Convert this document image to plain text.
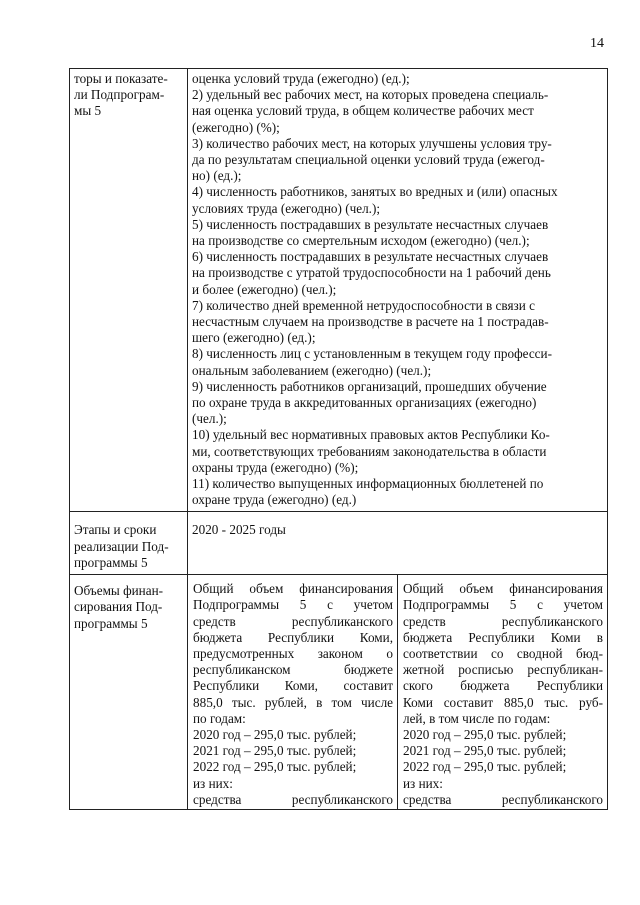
14
торы и показате-
ли Подпрограм-
мы 5

оценка условий труда (ежегодно) (ед.);
2) удельный вес рабочих мест, на которых проведена специаль-
ная оценка условий труда, в общем количестве рабочих мест
(ежегодно) (%);
3) количество рабочих мест, на которых улучшены условия тру-
да по результатам специальной оценки условий труда (ежегод-
но) (ед.);
4) численность работников, занятых во вредных и (или) опасных
условиях труда (ежегодно) (чел.);
5) численность пострадавших в результате несчастных случаев
на производстве со смертельным исходом (ежегодно) (чел.);
6) численность пострадавших в результате несчастных случаев
на производстве с утратой трудоспособности на 1 рабочий день
и более (ежегодно) (чел.);
7) количество дней временной нетрудоспособности в связи с
несчастным случаем на производстве в расчете на 1 пострадав-
шего (ежегодно) (ед.);
8) численность лиц с установленным в текущем году професси-
ональным заболеванием (ежегодно) (чел.);
9) численность работников организаций, прошедших обучение
по охране труда в аккредитованных организациях (ежегодно)
(чел.);
10) удельный вес нормативных правовых актов Республики Ко-
ми, соответствующих требованиям законодательства в области
охраны труда (ежегодно) (%);
11) количество выпущенных информационных бюллетеней по
охране труда (ежегодно) (ед.)

Этапы и сроки
реализации Под-
программы 5

2020 - 2025 годы

Объемы финан-
сирования Под-
программы 5

Общий объем финансирования
Подпрограммы 5 с учетом
средств республиканского
бюджета Республики Коми,
предусмотренных законом о
республиканском бюджете
Республики Коми, составит
885,0 тыс. рублей, в том числе
по годам:
2020 год – 295,0 тыс. рублей;
2021 год – 295,0 тыс. рублей;
2022 год – 295,0 тыс. рублей;
из них:
средства республиканского

Общий объем финансирования
Подпрограммы 5 с учетом
средств республиканского
бюджета Республики Коми в
соответствии со сводной бюд-
жетной росписью республикан-
ского бюджета Республики
Коми составит 885,0 тыс. руб-
лей, в том числе по годам:
2020 год – 295,0 тыс. рублей;
2021 год – 295,0 тыс. рублей;
2022 год – 295,0 тыс. рублей;
из них:
средства республиканского
